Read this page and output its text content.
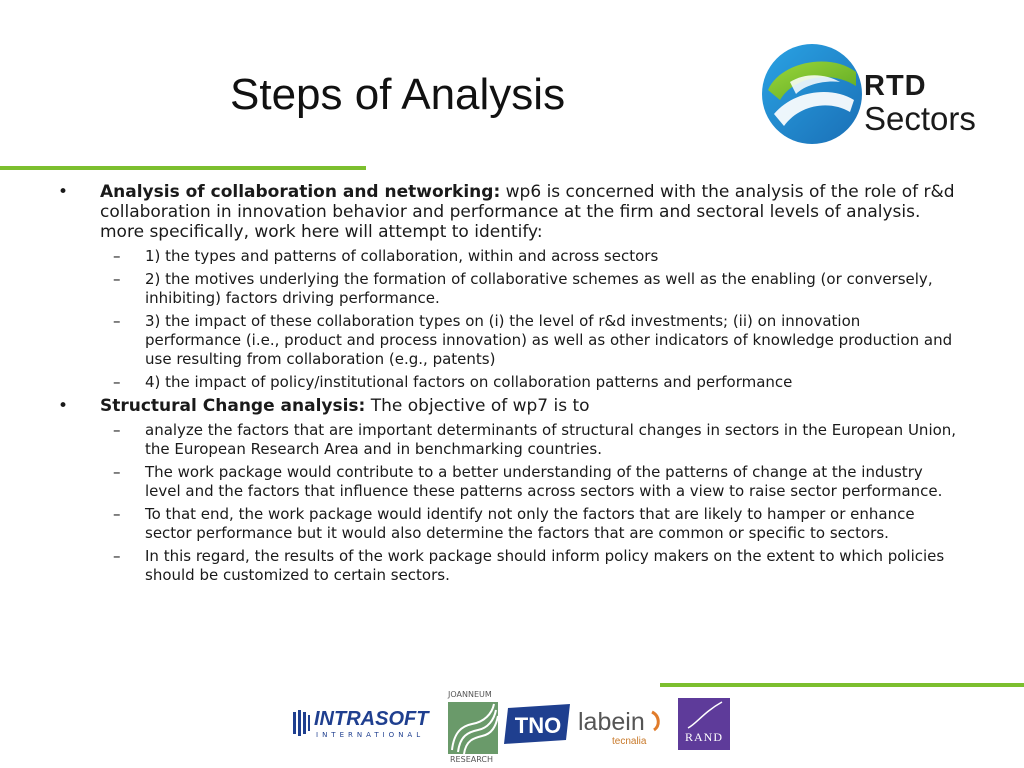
Steps of Analysis	RTD
Sectors
•	Analysis of collaboration and networking: wp6 is concerned with the analysis of the role of r&d collaboration in innovation behavior and performance at the firm and sectoral levels of analysis. more specifically, work here will attempt to identify:
– 1) the types and patterns of collaboration, within and across sectors
– 2) the motives underlying the formation of collaborative schemes as well as the enabling (or conversely, inhibiting) factors driving performance.
– 3) the impact of these collaboration types on (i) the level of r&d investments; (ii) on innovation performance (i.e., product and process innovation) as well as other indicators of knowledge production and use resulting from collaboration (e.g., patents)
– 4) the impact of policy/institutional factors on collaboration patterns and performance
•	Structural Change analysis: The objective of wp7 is to
– analyze the factors that are important determinants of structural changes in sectors in the European Union, the European Research Area and in benchmarking countries.
– The work package would contribute to a better understanding of the patterns of change at the industry level and the factors that influence these patterns across sectors with a view to raise sector performance.
– To that end, the work package would identify not only the factors that are likely to hamper or enhance sector performance but it would also determine the factors that are common or specific to sectors.
– In this regard, the results of the work package should inform policy makers on the extent to which policies should be customized to certain sectors.
INTRASOFT
INTERNATIONAL
JOANNEUM
RESEARCH
TNO labein
tecnalia	RAND
